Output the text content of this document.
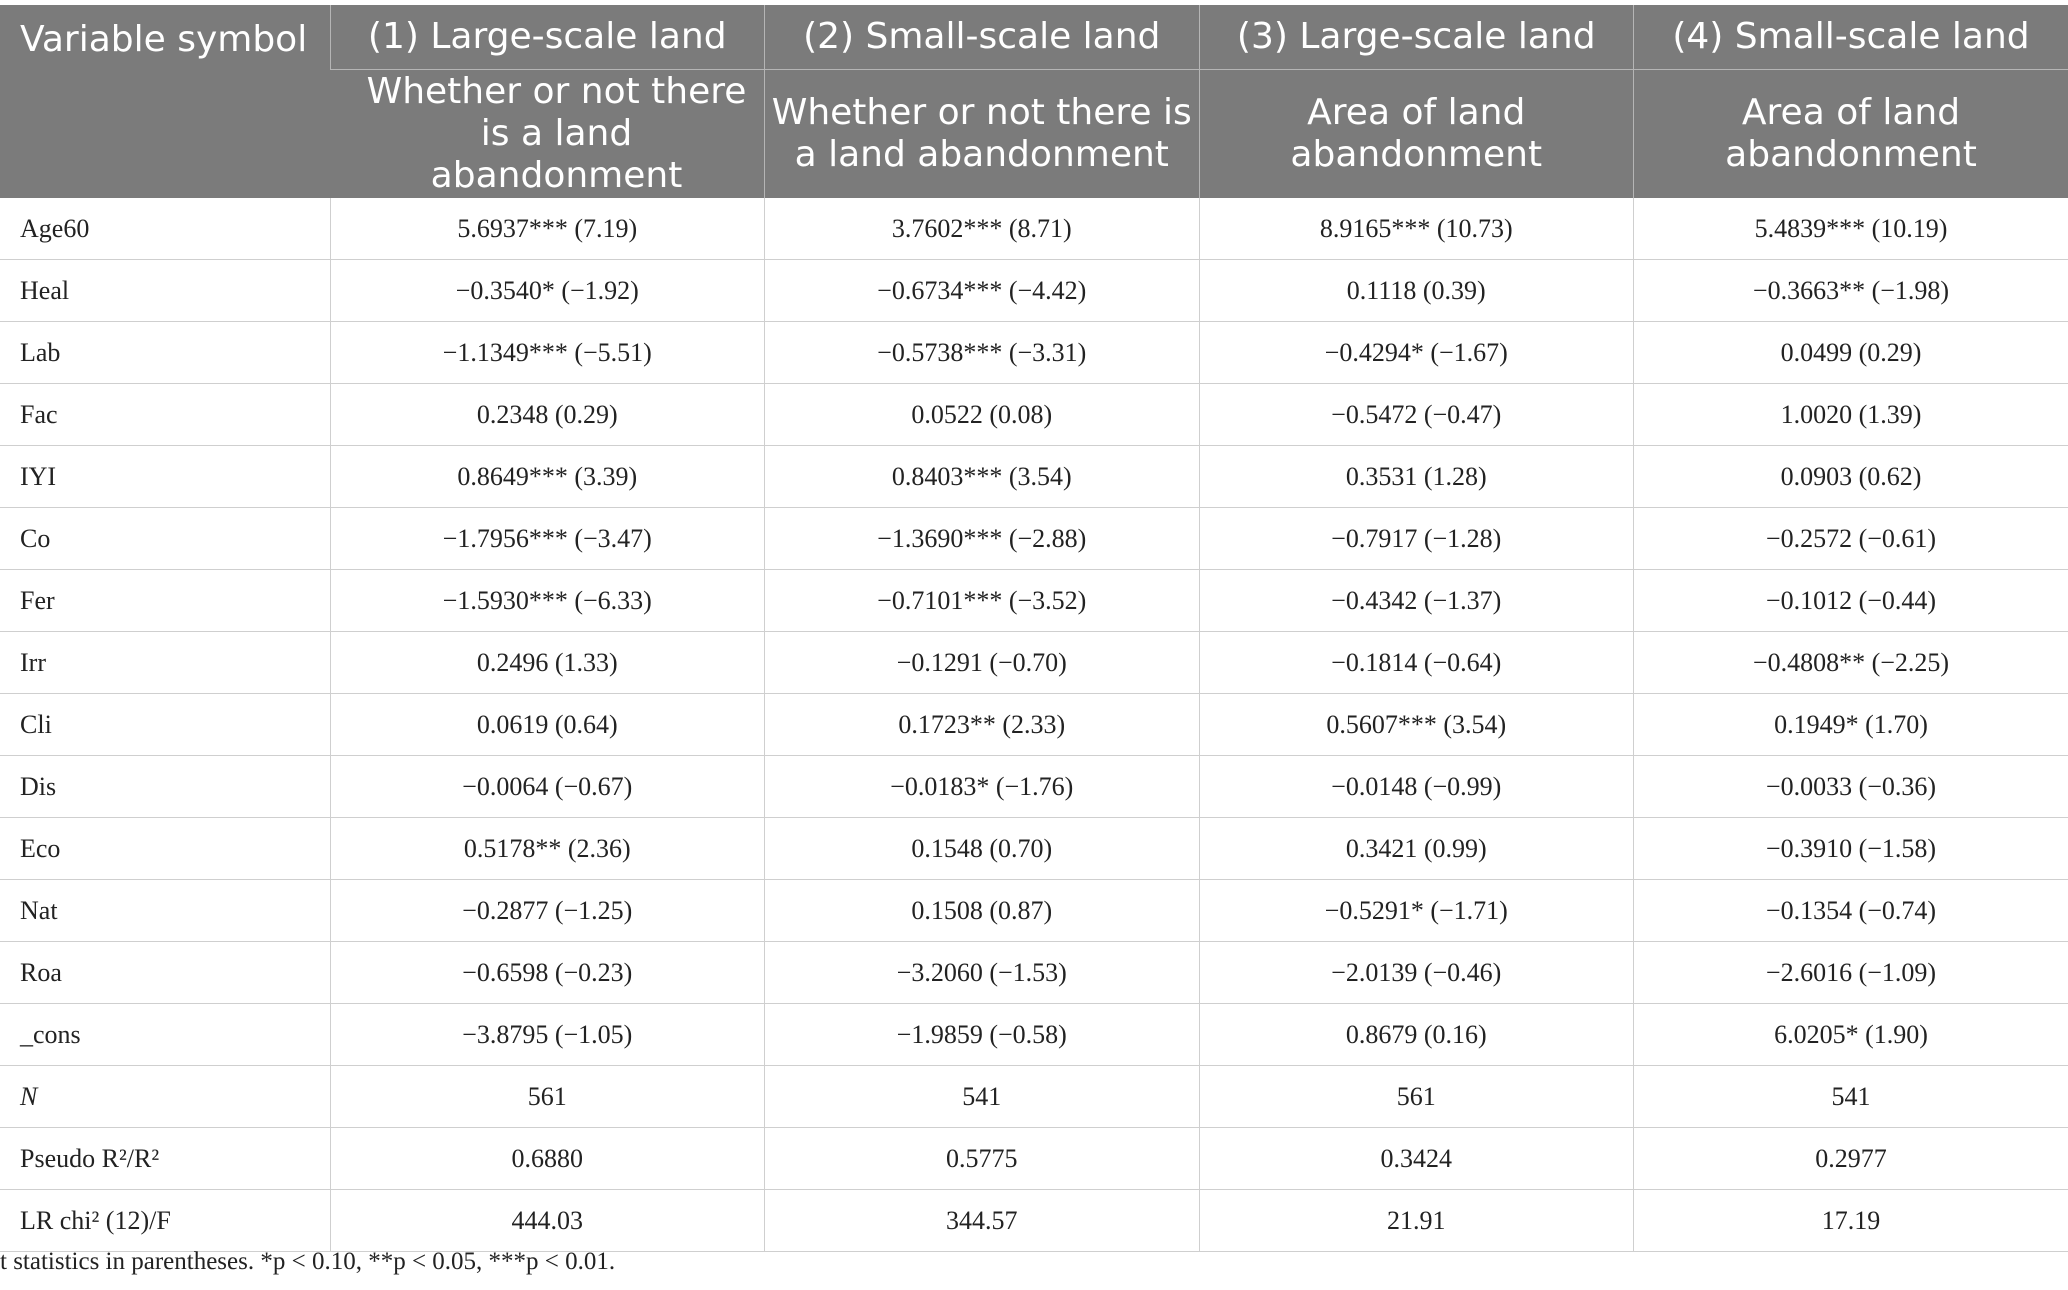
Variable symbol	(1) Large-scale land	(2) Small-scale land	(3) Large-scale land	(4) Small-scale land
	Whether or not there is a land abandonment	Whether or not there is a land abandonment	Area of land abandonment	Area of land abandonment
Age60	5.6937*** (7.19)	3.7602*** (8.71)	8.9165*** (10.73)	5.4839*** (10.19)
Heal	−0.3540* (−1.92)	−0.6734*** (−4.42)	0.1118 (0.39)	−0.3663** (−1.98)
Lab	−1.1349*** (−5.51)	−0.5738*** (−3.31)	−0.4294* (−1.67)	0.0499 (0.29)
Fac	0.2348 (0.29)	0.0522 (0.08)	−0.5472 (−0.47)	1.0020 (1.39)
IYI	0.8649*** (3.39)	0.8403*** (3.54)	0.3531 (1.28)	0.0903 (0.62)
Co	−1.7956*** (−3.47)	−1.3690*** (−2.88)	−0.7917 (−1.28)	−0.2572 (−0.61)
Fer	−1.5930*** (−6.33)	−0.7101*** (−3.52)	−0.4342 (−1.37)	−0.1012 (−0.44)
Irr	0.2496 (1.33)	−0.1291 (−0.70)	−0.1814 (−0.64)	−0.4808** (−2.25)
Cli	0.0619 (0.64)	0.1723** (2.33)	0.5607*** (3.54)	0.1949* (1.70)
Dis	−0.0064 (−0.67)	−0.0183* (−1.76)	−0.0148 (−0.99)	−0.0033 (−0.36)
Eco	0.5178** (2.36)	0.1548 (0.70)	0.3421 (0.99)	−0.3910 (−1.58)
Nat	−0.2877 (−1.25)	0.1508 (0.87)	−0.5291* (−1.71)	−0.1354 (−0.74)
Roa	−0.6598 (−0.23)	−3.2060 (−1.53)	−2.0139 (−0.46)	−2.6016 (−1.09)
_cons	−3.8795 (−1.05)	−1.9859 (−0.58)	0.8679 (0.16)	6.0205* (1.90)
N	561	541	561	541
Pseudo R²/R²	0.6880	0.5775	0.3424	0.2977
LR chi² (12)/F	444.03	344.57	21.91	17.19
t statistics in parentheses. *p < 0.10, **p < 0.05, ***p < 0.01.
